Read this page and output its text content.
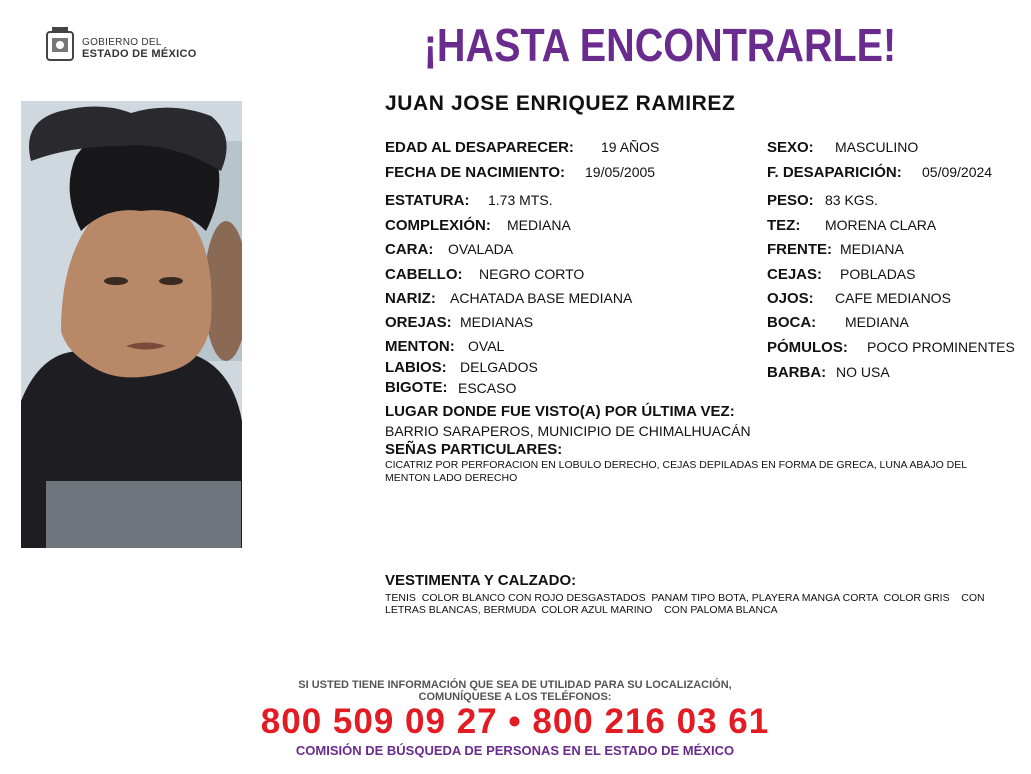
GOBIERNO DEL
ESTADO DE MÉXICO	¡HASTA ENCONTRARLE!
JUAN JOSE ENRIQUEZ RAMIREZ
EDAD AL DESAPARECER: 19 AÑOS
FECHA DE NACIMIENTO: 19/05/2005
ESTATURA: 1.73 MTS.
COMPLEXIÓN: MEDIANA
CARA: OVALADA
CABELLO: NEGRO CORTO
NARIZ: ACHATADA BASE MEDIANA
OREJAS: MEDIANAS
MENTON: OVAL
LABIOS: DELGADOS
BIGOTE: ESCASO
SEXO: MASCULINO
F. DESAPARICIÓN: 05/09/2024
PESO: 83 KGS.
TEZ: MORENA CLARA
FRENTE: MEDIANA
CEJAS: POBLADAS
OJOS: CAFE MEDIANOS
BOCA: MEDIANA
PÓMULOS: POCO PROMINENTES
BARBA: NO USA
LUGAR DONDE FUE VISTO(A) POR ÚLTIMA VEZ:
BARRIO SARAPEROS, MUNICIPIO DE CHIMALHUACÁN
SEÑAS PARTICULARES:
CICATRIZ POR PERFORACION EN LOBULO DERECHO, CEJAS DEPILADAS EN FORMA DE GRECA, LUNA ABAJO DEL
MENTON LADO DERECHO
VESTIMENTA Y CALZADO:
TENIS  COLOR BLANCO CON ROJO DESGASTADOS  PANAM TIPO BOTA, PLAYERA MANGA CORTA  COLOR GRIS    CON
LETRAS BLANCAS, BERMUDA  COLOR AZUL MARINO    CON PALOMA BLANCA
SI USTED TIENE INFORMACIÓN QUE SEA DE UTILIDAD PARA SU LOCALIZACIÓN,
COMUNÍQUESE A LOS TELÉFONOS:
800 509 09 27 • 800 216 03 61
COMISIÓN DE BÚSQUEDA DE PERSONAS EN EL ESTADO DE MÉXICO
